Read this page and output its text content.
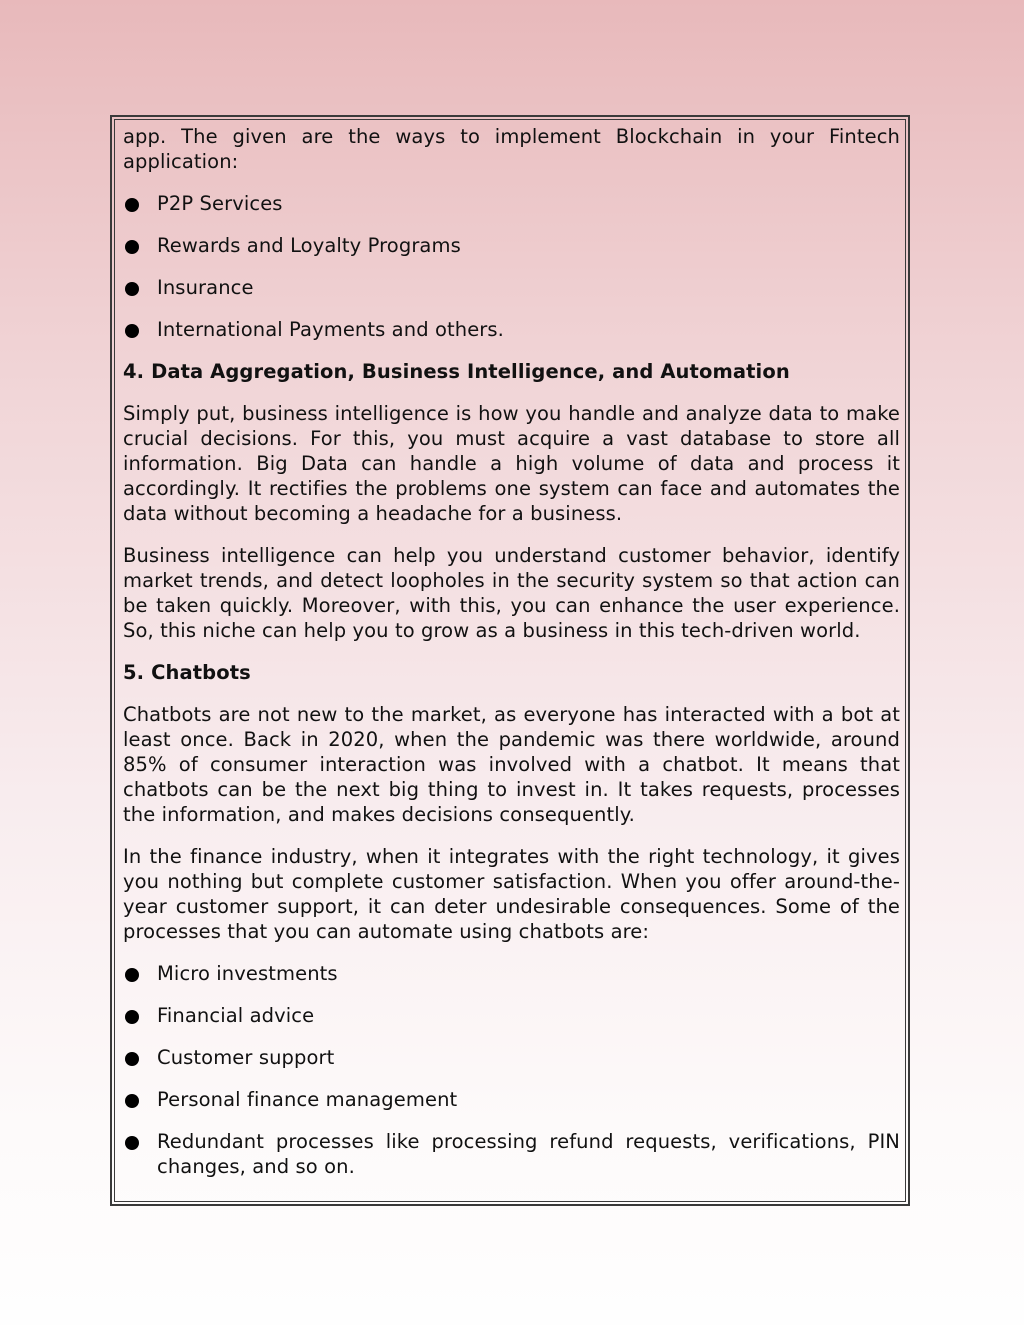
app. The given are the ways to implement Blockchain in your Fintech application:

P2P Services
Rewards and Loyalty Programs
Insurance
International Payments and others.
4. Data Aggregation, Business Intelligence, and Automation

Simply put, business intelligence is how you handle and analyze data to make crucial decisions. For this, you must acquire a vast database to store all information. Big Data can handle a high volume of data and process it accordingly. It rectifies the problems one system can face and automates the data without becoming a headache for a business.

Business intelligence can help you understand customer behavior, identify market trends, and detect loopholes in the security system so that action can be taken quickly. Moreover, with this, you can enhance the user experience. So, this niche can help you to grow as a business in this tech-driven world.

5. Chatbots

Chatbots are not new to the market, as everyone has interacted with a bot at least once. Back in 2020, when the pandemic was there worldwide, around 85% of consumer interaction was involved with a chatbot. It means that chatbots can be the next big thing to invest in. It takes requests, processes the information, and makes decisions consequently.

In the finance industry, when it integrates with the right technology, it gives you nothing but complete customer satisfaction. When you offer around-the-year customer support, it can deter undesirable consequences. Some of the processes that you can automate using chatbots are:

Micro investments
Financial advice
Customer support
Personal finance management
Redundant processes like processing refund requests, verifications, PIN changes, and so on.
